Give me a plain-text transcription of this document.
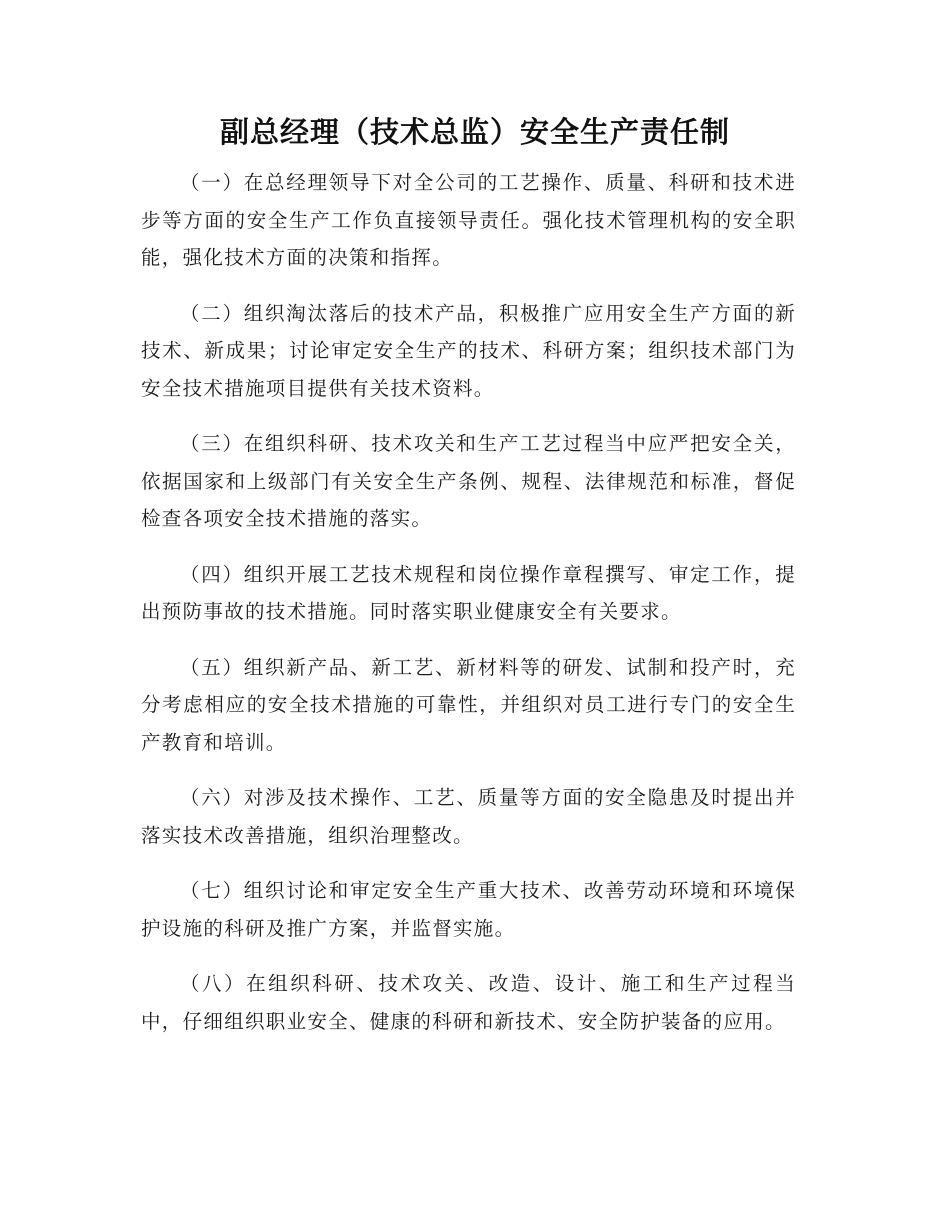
副总经理（技术总监）安全生产责任制

（一）在总经理领导下对全公司的工艺操作、质量、科研和技术进步等方面的安全生产工作负直接领导责任。强化技术管理机构的安全职能，强化技术方面的决策和指挥。

（二）组织淘汰落后的技术产品，积极推广应用安全生产方面的新技术、新成果；讨论审定安全生产的技术、科研方案；组织技术部门为安全技术措施项目提供有关技术资料。

（三）在组织科研、技术攻关和生产工艺过程当中应严把安全关，依据国家和上级部门有关安全生产条例、规程、法律规范和标准，督促检查各项安全技术措施的落实。

（四）组织开展工艺技术规程和岗位操作章程撰写、审定工作，提出预防事故的技术措施。同时落实职业健康安全有关要求。

（五）组织新产品、新工艺、新材料等的研发、试制和投产时，充分考虑相应的安全技术措施的可靠性，并组织对员工进行专门的安全生产教育和培训。

（六）对涉及技术操作、工艺、质量等方面的安全隐患及时提出并落实技术改善措施，组织治理整改。

（七）组织讨论和审定安全生产重大技术、改善劳动环境和环境保护设施的科研及推广方案，并监督实施。

（八）在组织科研、技术攻关、改造、设计、施工和生产过程当中，仔细组织职业安全、健康的科研和新技术、安全防护装备的应用。
